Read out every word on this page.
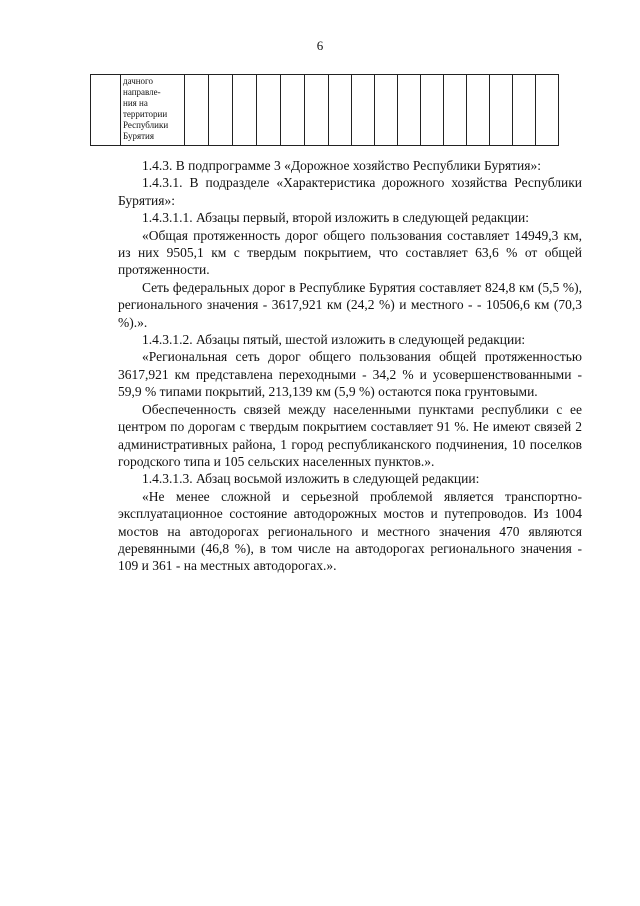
6
	дачного
направле-
ния на
территории
Республики
Бурятия																

1.4.3. В подпрограмме 3 «Дорожное хозяйство Республики Бурятия»:

1.4.3.1. В подразделе «Характеристика дорожного хозяйства Республики Бурятия»:

1.4.3.1.1. Абзацы первый, второй изложить в следующей редакции:

«Общая протяженность дорог общего пользования составляет 14949,3 км, из них 9505,1 км с твердым покрытием, что составляет 63,6 % от общей протяженности.

Сеть федеральных дорог в Республике Бурятия составляет 824,8 км (5,5 %), регионального значения - 3617,921 км (24,2 %) и местного - - 10506,6 км (70,3 %).».

1.4.3.1.2. Абзацы пятый, шестой изложить в следующей редакции:

«Региональная сеть дорог общего пользования общей протяженностью 3617,921 км представлена переходными - 34,2 % и усовершенствованными - 59,9 % типами покрытий, 213,139 км (5,9 %) остаются пока грунтовыми.

Обеспеченность связей между населенными пунктами республики с ее центром по дорогам с твердым покрытием составляет 91 %. Не имеют связей 2 административных района, 1 город республиканского подчинения, 10 поселков городского типа и 105 сельских населенных пунктов.».

1.4.3.1.3. Абзац восьмой изложить в следующей редакции:

«Не менее сложной и серьезной проблемой является транспортно-эксплуатационное состояние автодорожных мостов и путепроводов. Из 1004 мостов на автодорогах регионального и местного значения 470 являются деревянными (46,8 %), в том числе на автодорогах регионального значения - 109 и 361 - на местных автодорогах.».
